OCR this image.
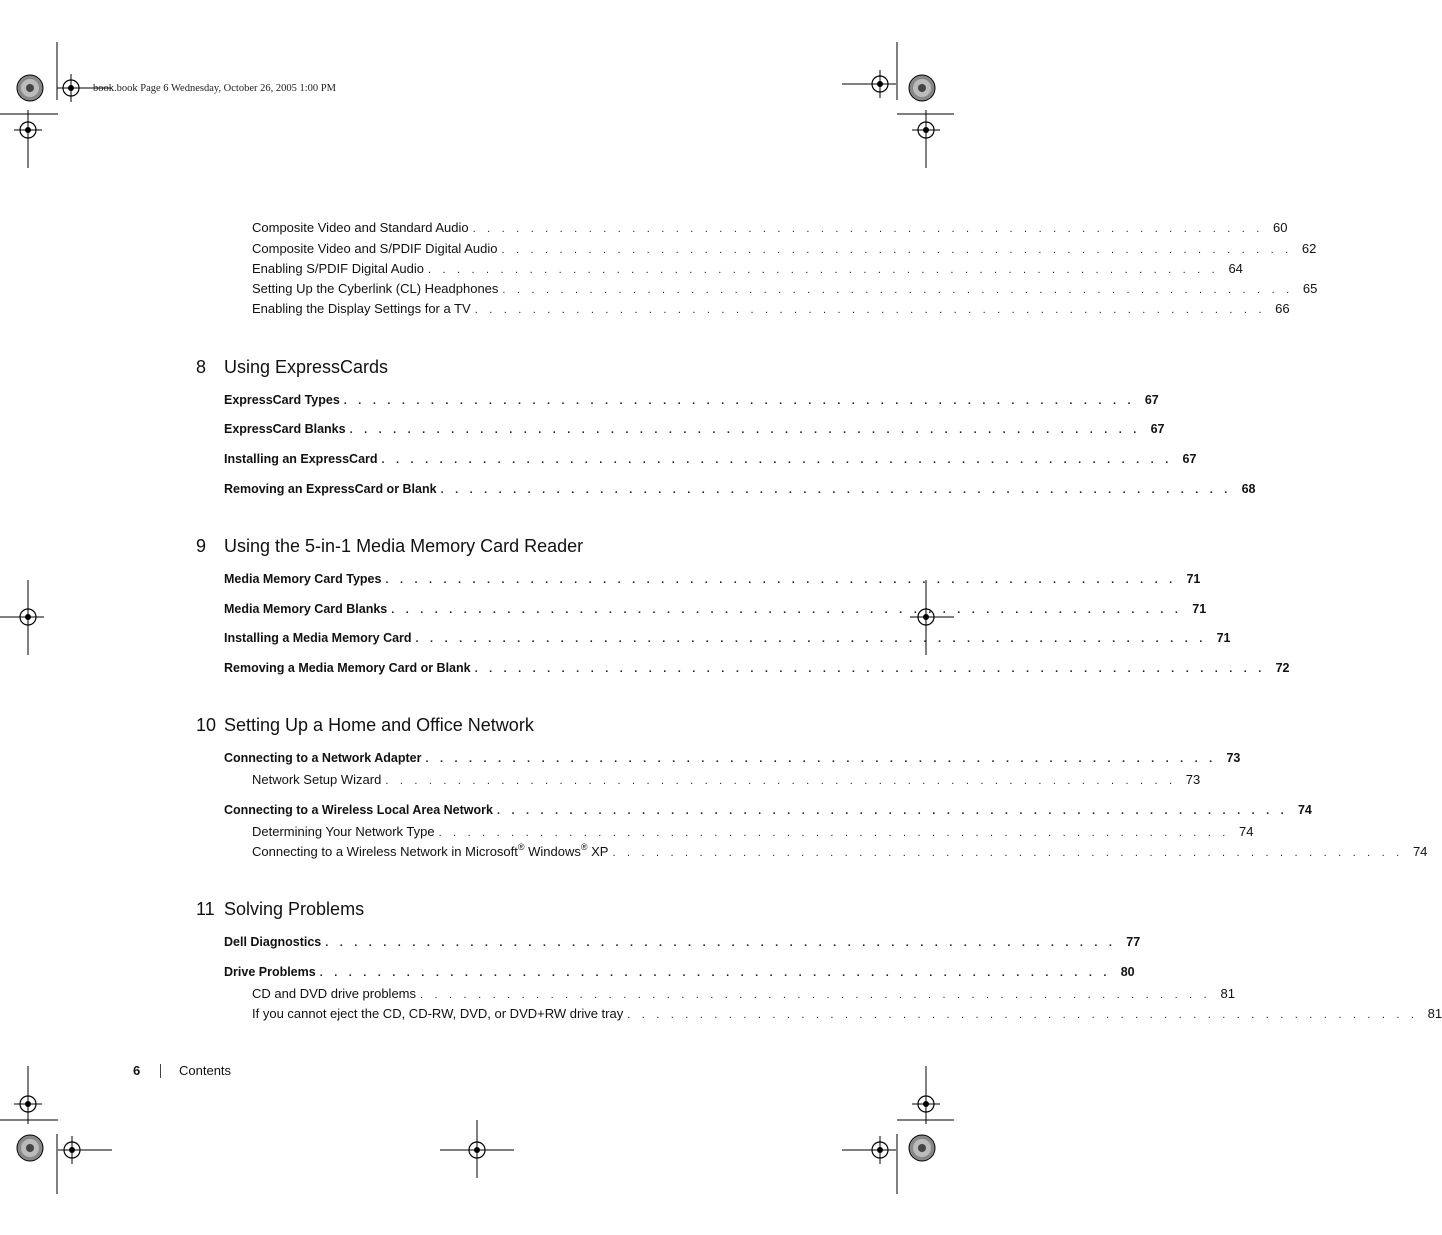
book.book Page 6 Wednesday, October 26, 2005 1:00 PM
Composite Video and Standard Audio . . . . . . . . . . . . . . . . . . . . . . . . . . . . . . . . . . . . . . . . . . . . . . . . . . . . . . . 60
Composite Video and S/PDIF Digital Audio . . . . . . . . . . . . . . . . . . . . . . . . . . . . . . . . . . . . . . . . . . . . . . . . . . . . . . . 62
Enabling S/PDIF Digital Audio . . . . . . . . . . . . . . . . . . . . . . . . . . . . . . . . . . . . . . . . . . . . . . . . . . . . . . . 64
Setting Up the Cyberlink (CL) Headphones . . . . . . . . . . . . . . . . . . . . . . . . . . . . . . . . . . . . . . . . . . . . . . . . . . . . . . . 65
Enabling the Display Settings for a TV . . . . . . . . . . . . . . . . . . . . . . . . . . . . . . . . . . . . . . . . . . . . . . . . . . . . . . . 66
8 Using ExpressCards
ExpressCard Types . . . . . . . . . . . . . . . . . . . . . . . . . . . . . . . . . . . . . . . . . . . . . . . . . . . . . . . 67
ExpressCard Blanks . . . . . . . . . . . . . . . . . . . . . . . . . . . . . . . . . . . . . . . . . . . . . . . . . . . . . . . 67
Installing an ExpressCard . . . . . . . . . . . . . . . . . . . . . . . . . . . . . . . . . . . . . . . . . . . . . . . . . . . . . . . 67
Removing an ExpressCard or Blank . . . . . . . . . . . . . . . . . . . . . . . . . . . . . . . . . . . . . . . . . . . . . . . . . . . . . . . 68
9 Using the 5-in-1 Media Memory Card Reader
Media Memory Card Types . . . . . . . . . . . . . . . . . . . . . . . . . . . . . . . . . . . . . . . . . . . . . . . . . . . . . . . 71
Media Memory Card Blanks . . . . . . . . . . . . . . . . . . . . . . . . . . . . . . . . . . . . . . . . . . . . . . . . . . . . . . . 71
Installing a Media Memory Card . . . . . . . . . . . . . . . . . . . . . . . . . . . . . . . . . . . . . . . . . . . . . . . . . . . . . . . 71
Removing a Media Memory Card or Blank . . . . . . . . . . . . . . . . . . . . . . . . . . . . . . . . . . . . . . . . . . . . . . . . . . . . . . . 72
10 Setting Up a Home and Office Network
Connecting to a Network Adapter . . . . . . . . . . . . . . . . . . . . . . . . . . . . . . . . . . . . . . . . . . . . . . . . . . . . . . . 73
Network Setup Wizard . . . . . . . . . . . . . . . . . . . . . . . . . . . . . . . . . . . . . . . . . . . . . . . . . . . . . . . 73
Connecting to a Wireless Local Area Network . . . . . . . . . . . . . . . . . . . . . . . . . . . . . . . . . . . . . . . . . . . . . . . . . . . . . . . 74
Determining Your Network Type . . . . . . . . . . . . . . . . . . . . . . . . . . . . . . . . . . . . . . . . . . . . . . . . . . . . . . . 74
Connecting to a Wireless Network in Microsoft® Windows® XP . . . . . . . . . . . . . . . . . . . . . . . . . . . . . . . . . . . . . . . . . . . . . . . . . . . . . . . 74
11 Solving Problems
Dell Diagnostics . . . . . . . . . . . . . . . . . . . . . . . . . . . . . . . . . . . . . . . . . . . . . . . . . . . . . . . 77
Drive Problems . . . . . . . . . . . . . . . . . . . . . . . . . . . . . . . . . . . . . . . . . . . . . . . . . . . . . . . 80
CD and DVD drive problems . . . . . . . . . . . . . . . . . . . . . . . . . . . . . . . . . . . . . . . . . . . . . . . . . . . . . . . 81
If you cannot eject the CD, CD-RW, DVD, or DVD+RW drive tray . . . . . . . . . . . . . . . . . . . . . . . . . . . . . . . . . . . . . . . . . . . . . . . . . . . . . . . 81
6	Contents
